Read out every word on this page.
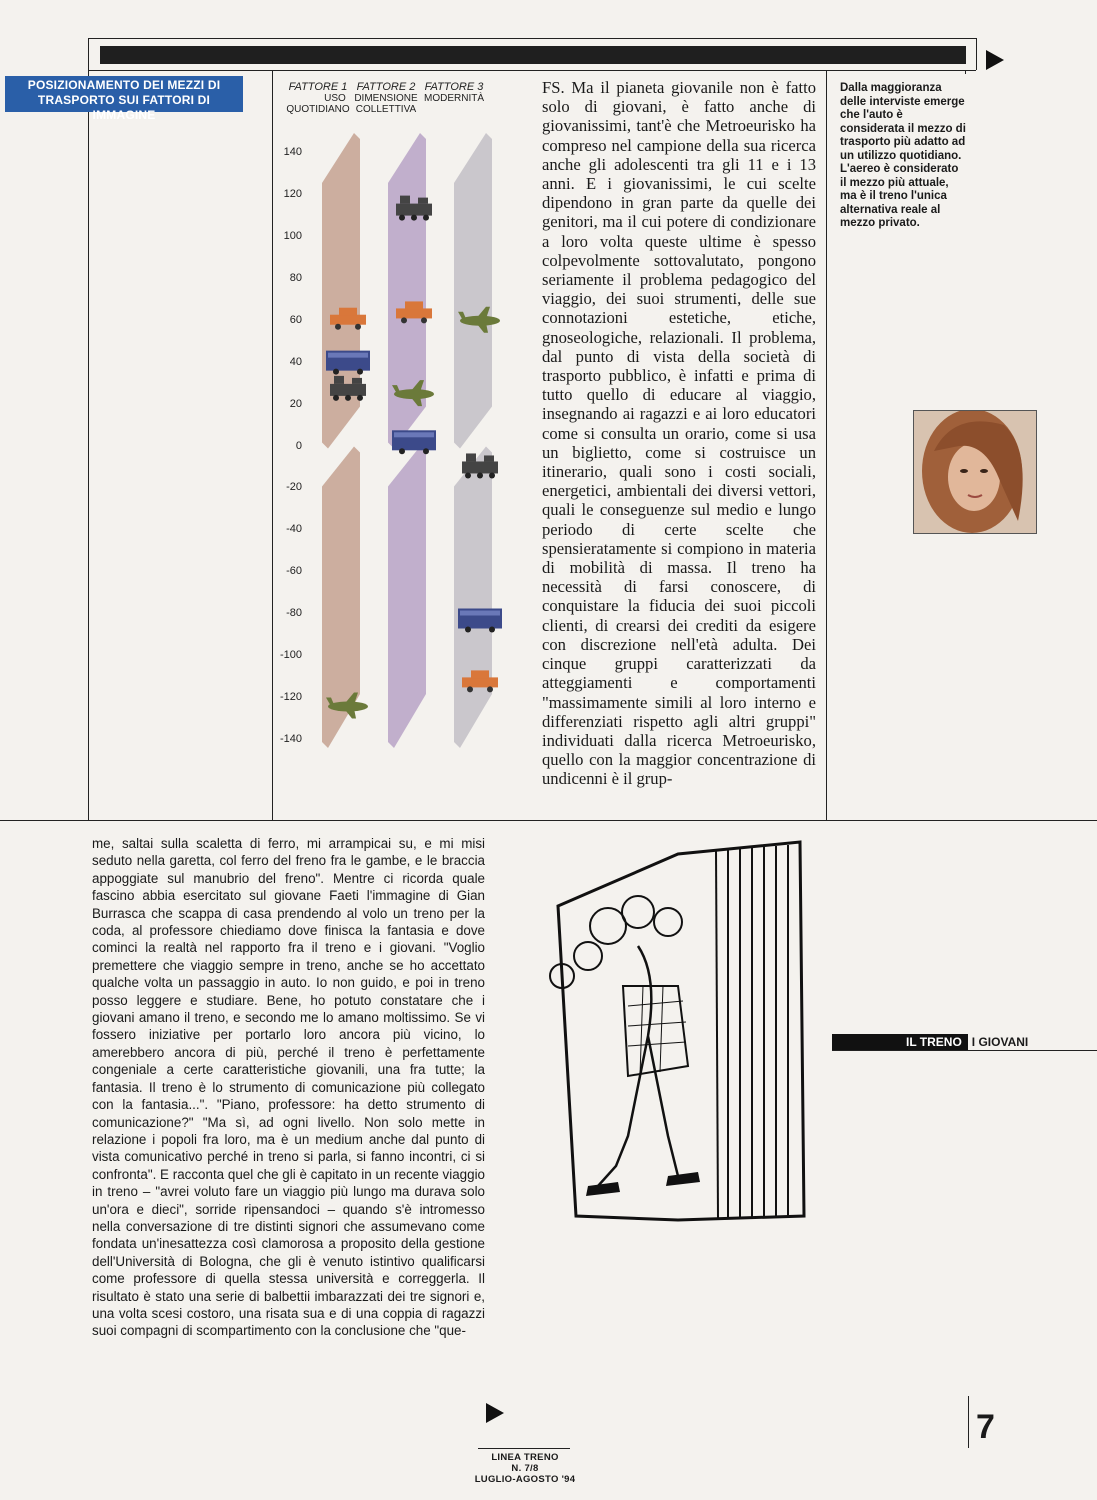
POSIZIONAMENTO DEI MEZZI DI
TRASPORTO SUI FATTORI DI IMMAGINE
FATTORE 1
USO
QUOTIDIANO
FATTORE 2
DIMENSIONE
COLLETTIVA
FATTORE 3
MODERNITÀ
140
120
100
80
60
40
20
0
-20
-40
-60
-80
-100
-120
-140
FS. Ma il pianeta giovanile non è fatto solo di giovani, è fatto anche di giovanissimi, tant'è che Metroeurisko ha compreso nel campione della sua ricerca anche gli adolescenti tra gli 11 e i 13 anni. E i giovanissimi, le cui scelte dipendono in gran parte da quelle dei genitori, ma il cui potere di condizionare a loro volta queste ultime è spesso colpevolmente sottovalutato, pongono seriamente il problema pedagogico del viaggio, dei suoi strumenti, delle sue connotazioni estetiche, etiche, gnoseologiche, relazionali. Il problema, dal punto di vista della società di trasporto pubblico, è infatti e prima di tutto quello di educare al viaggio, insegnando ai ragazzi e ai loro educatori come si consulta un orario, come si usa un biglietto, come si costruisce un itinerario, quali sono i costi sociali, energetici, ambientali dei diversi vettori, quali le conseguenze sul medio e lungo periodo di certe scelte che spensieratamente si compiono in materia di mobilità di massa. Il treno ha necessità di farsi conoscere, di conquistare la fiducia dei suoi piccoli clienti, di crearsi dei crediti da esigere con discrezione nell'età adulta. Dei cinque gruppi caratterizzati da atteggiamenti e comportamenti "massimamente simili al loro interno e differenziati rispetto agli altri gruppi" individuati dalla ricerca Metroeurisko, quello con la maggior concentrazione di undicenni è il grup-
Dalla maggioranza delle interviste emerge che l'auto è considerata il mezzo di trasporto più adatto ad un utilizzo quotidiano. L'aereo è considerato il mezzo più attuale, ma è il treno l'unica alternativa reale al mezzo privato.
me, saltai sulla scaletta di ferro, mi arrampicai su, e mi misi seduto nella garetta, col ferro del freno fra le gambe, e le braccia appoggiate sul manubrio del freno". Mentre ci ricorda quale fascino abbia esercitato sul giovane Faeti l'immagine di Gian Burrasca che scappa di casa prendendo al volo un treno per la coda, al professore chiediamo dove finisca la fantasia e dove cominci la realtà nel rapporto fra il treno e i giovani. "Voglio premettere che viaggio sempre in treno, anche se ho accettato qualche volta un passaggio in auto. Io non guido, e poi in treno posso leggere e studiare. Bene, ho potuto constatare che i giovani amano il treno, e secondo me lo amano moltissimo. Se vi fossero iniziative per portarlo loro ancora più vicino, lo amerebbero ancora di più, perché il treno è perfettamente congeniale a certe caratteristiche giovanili, una fra tutte; la fantasia. Il treno è lo strumento di comunicazione più collegato con la fantasia...". "Piano, professore: ha detto strumento di comunicazione?" "Ma sì, ad ogni livello. Non solo mette in relazione i popoli fra loro, ma è un medium anche dal punto di vista comunicativo perché in treno si parla, si fanno incontri, ci si confronta". E racconta quel che gli è capitato in un recente viaggio in treno – "avrei voluto fare un viaggio più lungo ma durava solo un'ora e dieci", sorride ripensandoci – quando s'è intromesso nella conversazione di tre distinti signori che assumevano come fondata un'inesattezza così clamorosa a proposito della gestione dell'Università di Bologna, che gli è venuto istintivo qualificarsi come professore di quella stessa università e correggerla. Il risultato è stato una serie di balbettii imbarazzati dei tre signori e, una volta scesi costoro, una risata sua e di una coppia di ragazzi suoi compagni di scompartimento con la conclusione che "que-
IL TRENO I GIOVANI
7
LINEA TRENO
N. 7/8
LUGLIO-AGOSTO '94
